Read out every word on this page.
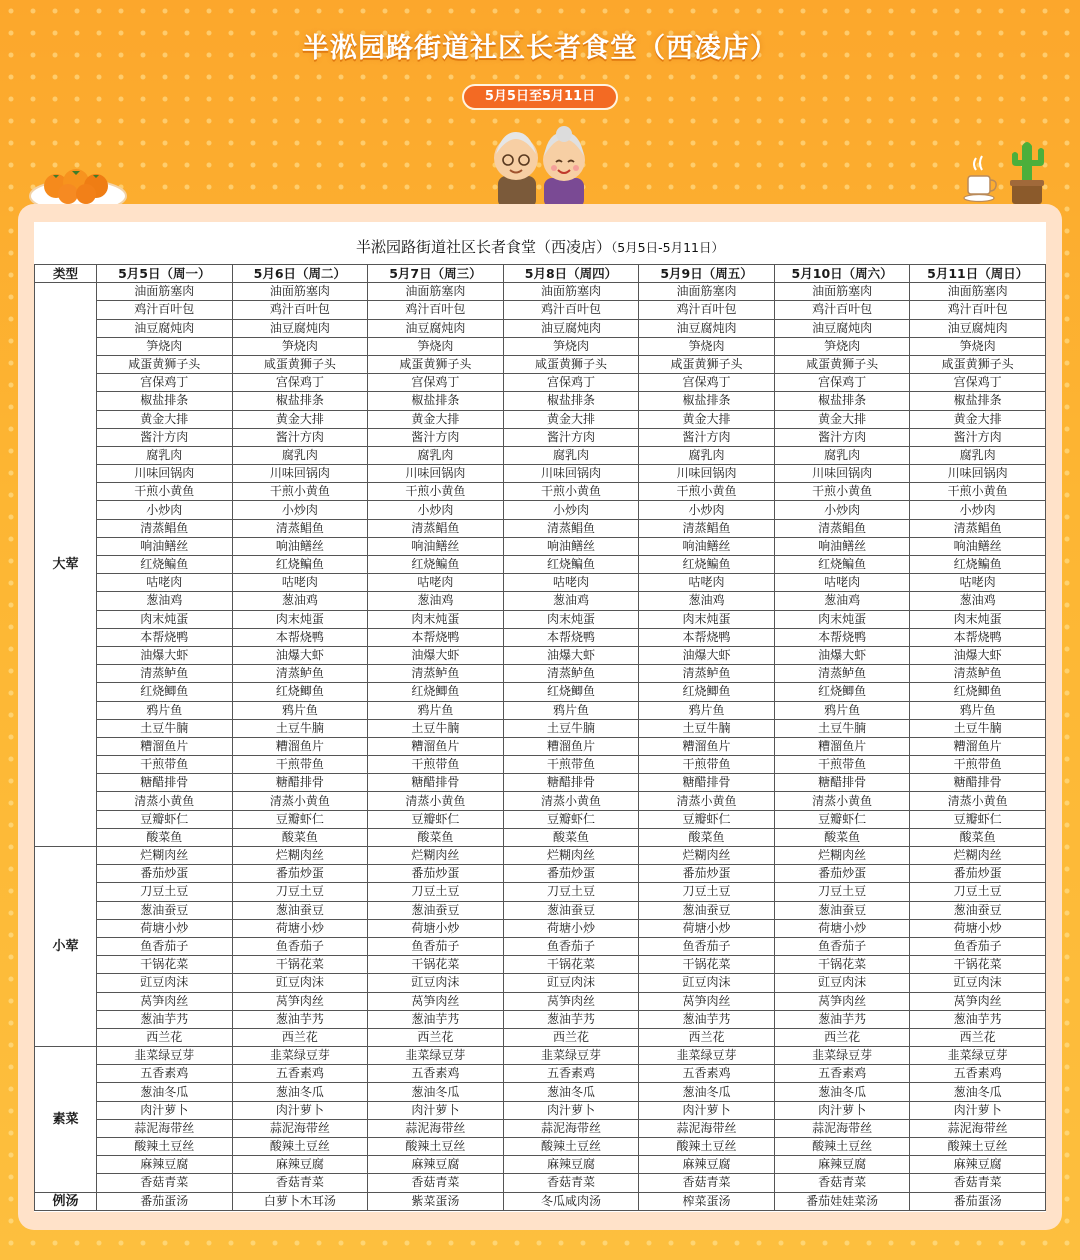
半淞园路街道社区长者食堂（西凌店）
5月5日至5月11日
半淞园路街道社区长者食堂（西凌店）（5月5日-5月11日）
类型	5月5日（周一）	5月6日（周二）	5月7日（周三）	5月8日（周四）	5月9日（周五）	5月10日（周六）	5月11日（周日）
大荤	油面筋塞肉	油面筋塞肉	油面筋塞肉	油面筋塞肉	油面筋塞肉	油面筋塞肉	油面筋塞肉
	鸡汁百叶包	鸡汁百叶包	鸡汁百叶包	鸡汁百叶包	鸡汁百叶包	鸡汁百叶包	鸡汁百叶包
	油豆腐炖肉	油豆腐炖肉	油豆腐炖肉	油豆腐炖肉	油豆腐炖肉	油豆腐炖肉	油豆腐炖肉
	笋烧肉	笋烧肉	笋烧肉	笋烧肉	笋烧肉	笋烧肉	笋烧肉
	咸蛋黄狮子头	咸蛋黄狮子头	咸蛋黄狮子头	咸蛋黄狮子头	咸蛋黄狮子头	咸蛋黄狮子头	咸蛋黄狮子头
	宫保鸡丁	宫保鸡丁	宫保鸡丁	宫保鸡丁	宫保鸡丁	宫保鸡丁	宫保鸡丁
	椒盐排条	椒盐排条	椒盐排条	椒盐排条	椒盐排条	椒盐排条	椒盐排条
	黄金大排	黄金大排	黄金大排	黄金大排	黄金大排	黄金大排	黄金大排
	酱汁方肉	酱汁方肉	酱汁方肉	酱汁方肉	酱汁方肉	酱汁方肉	酱汁方肉
	腐乳肉	腐乳肉	腐乳肉	腐乳肉	腐乳肉	腐乳肉	腐乳肉
	川味回锅肉	川味回锅肉	川味回锅肉	川味回锅肉	川味回锅肉	川味回锅肉	川味回锅肉
	干煎小黄鱼	干煎小黄鱼	干煎小黄鱼	干煎小黄鱼	干煎小黄鱼	干煎小黄鱼	干煎小黄鱼
	小炒肉	小炒肉	小炒肉	小炒肉	小炒肉	小炒肉	小炒肉
	清蒸鲳鱼	清蒸鲳鱼	清蒸鲳鱼	清蒸鲳鱼	清蒸鲳鱼	清蒸鲳鱼	清蒸鲳鱼
	响油鳝丝	响油鳝丝	响油鳝丝	响油鳝丝	响油鳝丝	响油鳝丝	响油鳝丝
	红烧鳊鱼	红烧鳊鱼	红烧鳊鱼	红烧鳊鱼	红烧鳊鱼	红烧鳊鱼	红烧鳊鱼
	咕咾肉	咕咾肉	咕咾肉	咕咾肉	咕咾肉	咕咾肉	咕咾肉
	葱油鸡	葱油鸡	葱油鸡	葱油鸡	葱油鸡	葱油鸡	葱油鸡
	肉末炖蛋	肉末炖蛋	肉末炖蛋	肉末炖蛋	肉末炖蛋	肉末炖蛋	肉末炖蛋
	本帮烧鸭	本帮烧鸭	本帮烧鸭	本帮烧鸭	本帮烧鸭	本帮烧鸭	本帮烧鸭
	油爆大虾	油爆大虾	油爆大虾	油爆大虾	油爆大虾	油爆大虾	油爆大虾
	清蒸鲈鱼	清蒸鲈鱼	清蒸鲈鱼	清蒸鲈鱼	清蒸鲈鱼	清蒸鲈鱼	清蒸鲈鱼
	红烧鲫鱼	红烧鲫鱼	红烧鲫鱼	红烧鲫鱼	红烧鲫鱼	红烧鲫鱼	红烧鲫鱼
	鸦片鱼	鸦片鱼	鸦片鱼	鸦片鱼	鸦片鱼	鸦片鱼	鸦片鱼
	土豆牛腩	土豆牛腩	土豆牛腩	土豆牛腩	土豆牛腩	土豆牛腩	土豆牛腩
	糟溜鱼片	糟溜鱼片	糟溜鱼片	糟溜鱼片	糟溜鱼片	糟溜鱼片	糟溜鱼片
	干煎带鱼	干煎带鱼	干煎带鱼	干煎带鱼	干煎带鱼	干煎带鱼	干煎带鱼
	糖醋排骨	糖醋排骨	糖醋排骨	糖醋排骨	糖醋排骨	糖醋排骨	糖醋排骨
	清蒸小黄鱼	清蒸小黄鱼	清蒸小黄鱼	清蒸小黄鱼	清蒸小黄鱼	清蒸小黄鱼	清蒸小黄鱼
	豆瓣虾仁	豆瓣虾仁	豆瓣虾仁	豆瓣虾仁	豆瓣虾仁	豆瓣虾仁	豆瓣虾仁
	酸菜鱼	酸菜鱼	酸菜鱼	酸菜鱼	酸菜鱼	酸菜鱼	酸菜鱼
小荤	烂糊肉丝	烂糊肉丝	烂糊肉丝	烂糊肉丝	烂糊肉丝	烂糊肉丝	烂糊肉丝
	番茄炒蛋	番茄炒蛋	番茄炒蛋	番茄炒蛋	番茄炒蛋	番茄炒蛋	番茄炒蛋
	刀豆土豆	刀豆土豆	刀豆土豆	刀豆土豆	刀豆土豆	刀豆土豆	刀豆土豆
	葱油蚕豆	葱油蚕豆	葱油蚕豆	葱油蚕豆	葱油蚕豆	葱油蚕豆	葱油蚕豆
	荷塘小炒	荷塘小炒	荷塘小炒	荷塘小炒	荷塘小炒	荷塘小炒	荷塘小炒
	鱼香茄子	鱼香茄子	鱼香茄子	鱼香茄子	鱼香茄子	鱼香茄子	鱼香茄子
	干锅花菜	干锅花菜	干锅花菜	干锅花菜	干锅花菜	干锅花菜	干锅花菜
	豇豆肉沫	豇豆肉沫	豇豆肉沫	豇豆肉沫	豇豆肉沫	豇豆肉沫	豇豆肉沫
	莴笋肉丝	莴笋肉丝	莴笋肉丝	莴笋肉丝	莴笋肉丝	莴笋肉丝	莴笋肉丝
	葱油芋艿	葱油芋艿	葱油芋艿	葱油芋艿	葱油芋艿	葱油芋艿	葱油芋艿
	西兰花	西兰花	西兰花	西兰花	西兰花	西兰花	西兰花
素菜	韭菜绿豆芽	韭菜绿豆芽	韭菜绿豆芽	韭菜绿豆芽	韭菜绿豆芽	韭菜绿豆芽	韭菜绿豆芽
	五香素鸡	五香素鸡	五香素鸡	五香素鸡	五香素鸡	五香素鸡	五香素鸡
	葱油冬瓜	葱油冬瓜	葱油冬瓜	葱油冬瓜	葱油冬瓜	葱油冬瓜	葱油冬瓜
	肉汁萝卜	肉汁萝卜	肉汁萝卜	肉汁萝卜	肉汁萝卜	肉汁萝卜	肉汁萝卜
	蒜泥海带丝	蒜泥海带丝	蒜泥海带丝	蒜泥海带丝	蒜泥海带丝	蒜泥海带丝	蒜泥海带丝
	酸辣土豆丝	酸辣土豆丝	酸辣土豆丝	酸辣土豆丝	酸辣土豆丝	酸辣土豆丝	酸辣土豆丝
	麻辣豆腐	麻辣豆腐	麻辣豆腐	麻辣豆腐	麻辣豆腐	麻辣豆腐	麻辣豆腐
	香菇青菜	香菇青菜	香菇青菜	香菇青菜	香菇青菜	香菇青菜	香菇青菜
例汤	番茄蛋汤	白萝卜木耳汤	紫菜蛋汤	冬瓜咸肉汤	榨菜蛋汤	番茄娃娃菜汤	番茄蛋汤
